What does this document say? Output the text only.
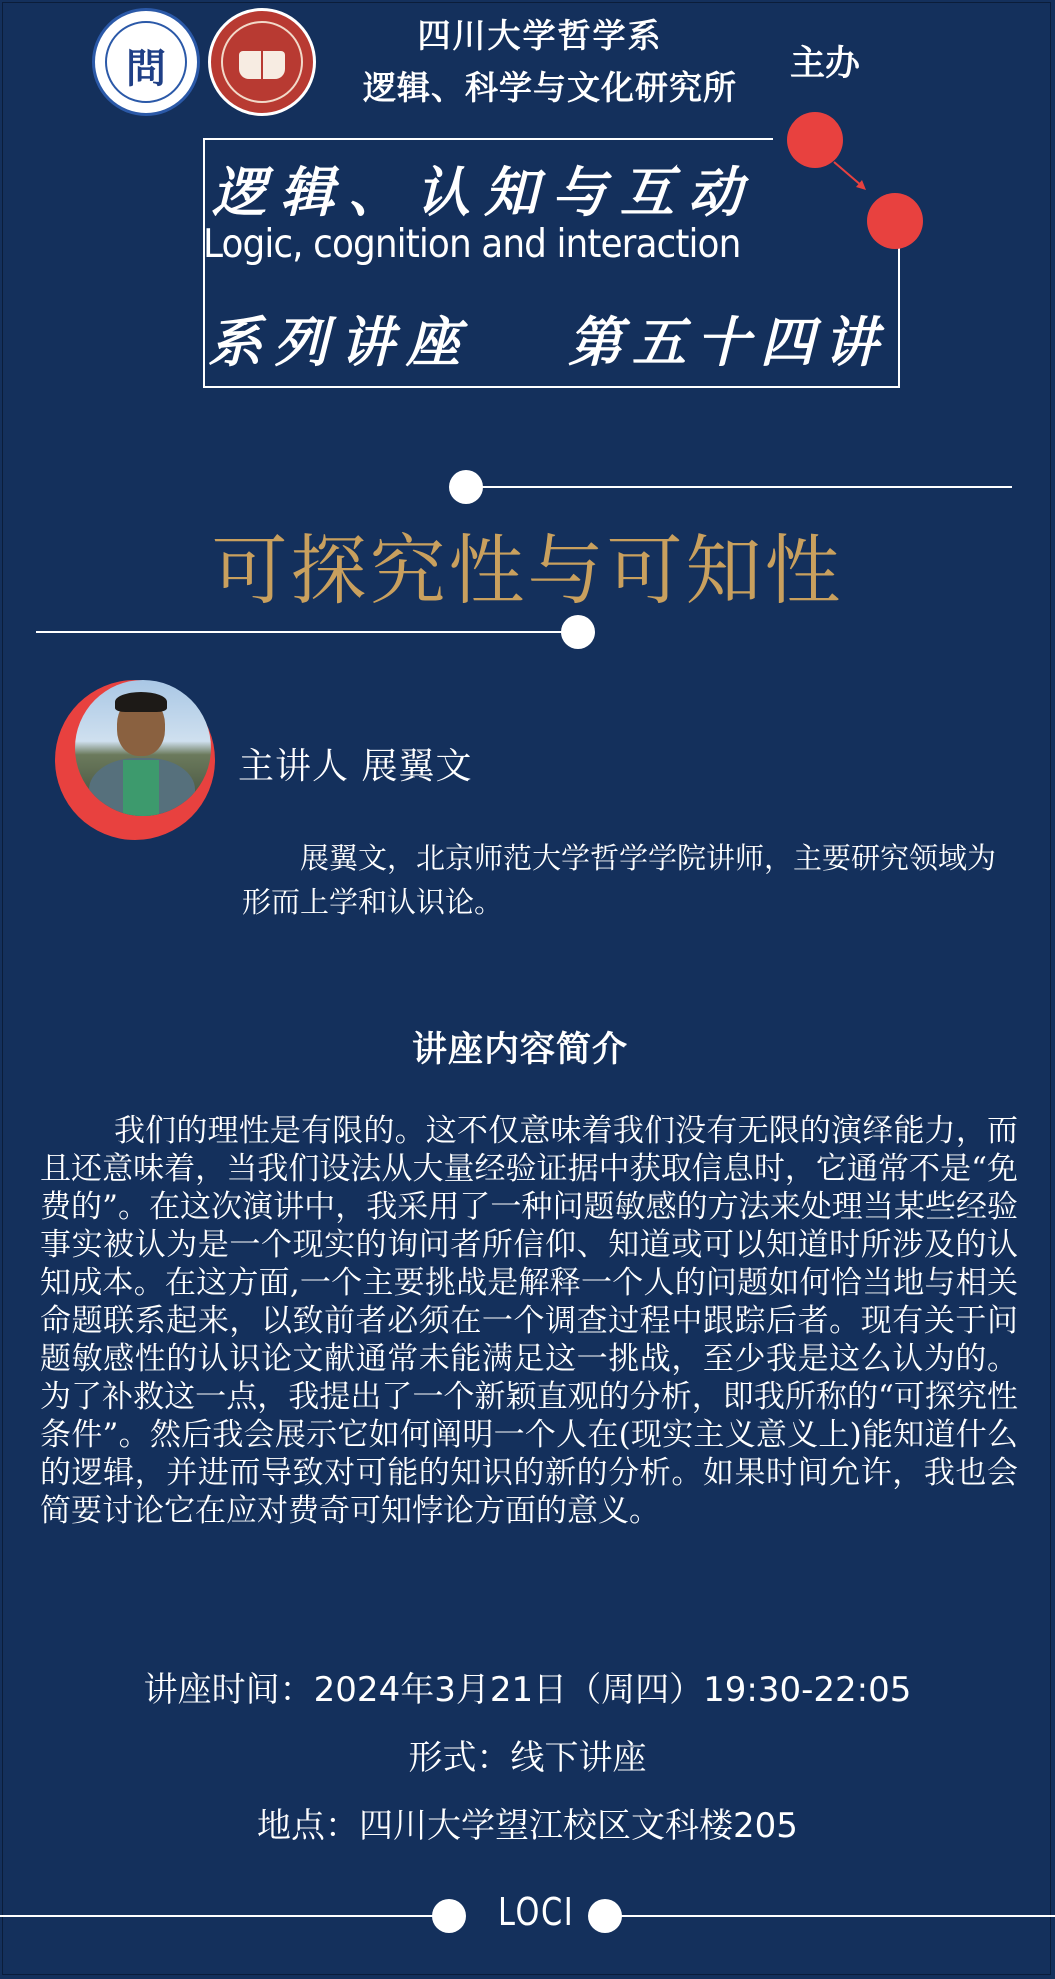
問
四川大学哲学系
逻辑、科学与文化研究所
主办
逻辑、认知与互动
Logic, cognition and interaction
系列讲座 第五十四讲
可探究性与可知性
主讲人 展翼文
展翼文，北京师范大学哲学学院讲师，主要研究领域为形而上学和认识论。
讲座内容简介
我们的理性是有限的。这不仅意味着我们没有无限的演绎能力，而且还意味着，当我们设法从大量经验证据中获取信息时，它通常不是“免费的”。在这次演讲中，我采用了一种问题敏感的方法来处理当某些经验事实被认为是一个现实的询问者所信仰、知道或可以知道时所涉及的认知成本。在这方面,一个主要挑战是解释一个人的问题如何恰当地与相关命题联系起来，以致前者必须在一个调查过程中跟踪后者。现有关于问题敏感性的认识论文献通常未能满足这一挑战，至少我是这么认为的。为了补救这一点，我提出了一个新颖直观的分析，即我所称的“可探究性条件”。然后我会展示它如何阐明一个人在(现实主义意义上)能知道什么的逻辑，并进而导致对可能的知识的新的分析。如果时间允许，我也会简要讨论它在应对费奇可知悖论方面的意义。
讲座时间：2024年3月21日（周四）19:30-22:05
形式：线下讲座
地点：四川大学望江校区文科楼205
LOCI
